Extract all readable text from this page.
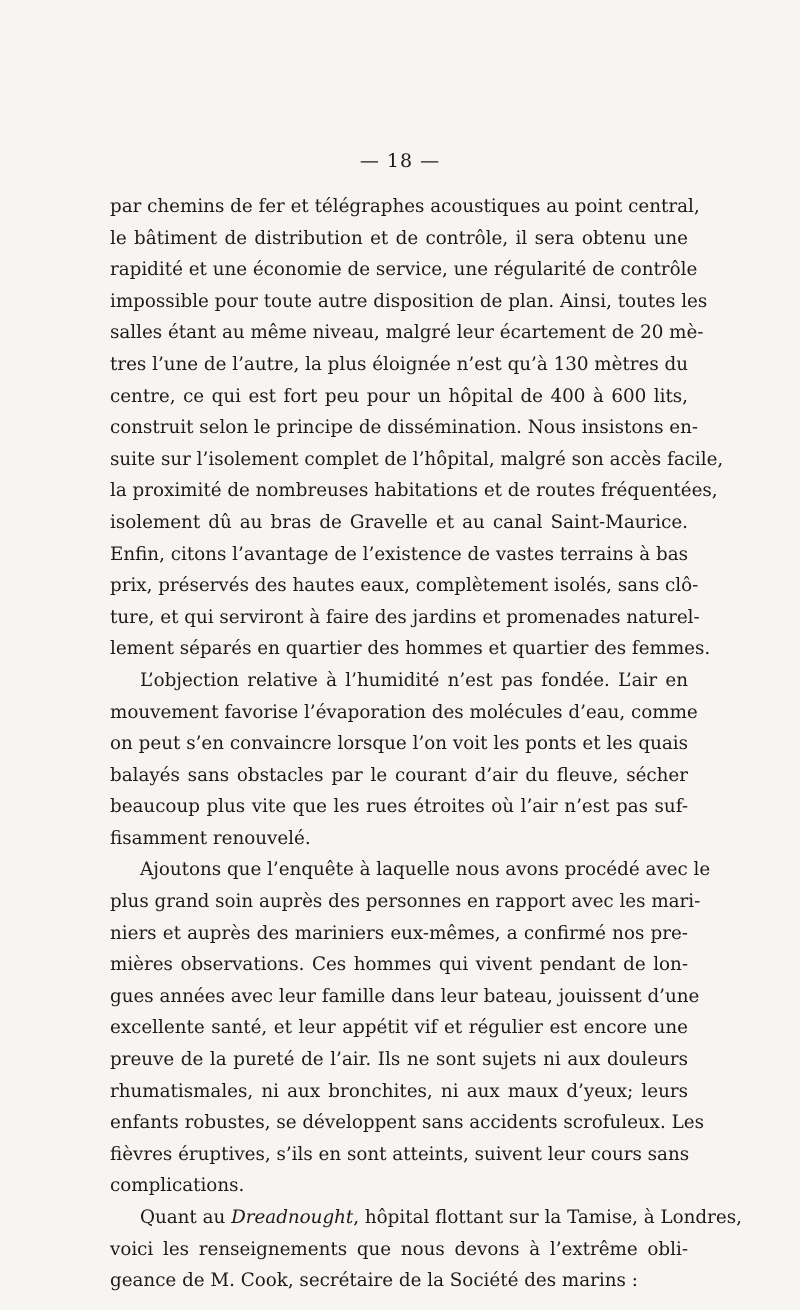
— 18 —
par chemins de fer et télégraphes acoustiques au point central,
le bâtiment de distribution et de contrôle, il sera obtenu une
rapidité et une économie de service, une régularité de contrôle
impossible pour toute autre disposition de plan. Ainsi, toutes les
salles étant au même niveau, malgré leur écartement de 20 mè-
tres l’une de l’autre, la plus éloignée n’est qu’à 130 mètres du
centre, ce qui est fort peu pour un hôpital de 400 à 600 lits,
construit selon le principe de dissémination. Nous insistons en-
suite sur l’isolement complet de l’hôpital, malgré son accès facile,
la proximité de nombreuses habitations et de routes fréquentées,
isolement dû au bras de Gravelle et au canal Saint-Maurice.
Enfin, citons l’avantage de l’existence de vastes terrains à bas
prix, préservés des hautes eaux, complètement isolés, sans clô-
ture, et qui serviront à faire des jardins et promenades naturel-
lement séparés en quartier des hommes et quartier des femmes.
L’objection relative à l’humidité n’est pas fondée. L’air en
mouvement favorise l’évaporation des molécules d’eau, comme
on peut s’en convaincre lorsque l’on voit les ponts et les quais
balayés sans obstacles par le courant d’air du fleuve, sécher
beaucoup plus vite que les rues étroites où l’air n’est pas suf-
fisamment renouvelé.
Ajoutons que l’enquête à laquelle nous avons procédé avec le
plus grand soin auprès des personnes en rapport avec les mari-
niers et auprès des mariniers eux-mêmes, a confirmé nos pre-
mières observations. Ces hommes qui vivent pendant de lon-
gues années avec leur famille dans leur bateau, jouissent d’une
excellente santé, et leur appétit vif et régulier est encore une
preuve de la pureté de l’air. Ils ne sont sujets ni aux douleurs
rhumatismales, ni aux bronchites, ni aux maux d’yeux; leurs
enfants robustes, se développent sans accidents scrofuleux. Les
fièvres éruptives, s’ils en sont atteints, suivent leur cours sans
complications.
Quant au Dreadnought, hôpital flottant sur la Tamise, à Londres,
voici les renseignements que nous devons à l’extrême obli-
geance de M. Cook, secrétaire de la Société des marins :
